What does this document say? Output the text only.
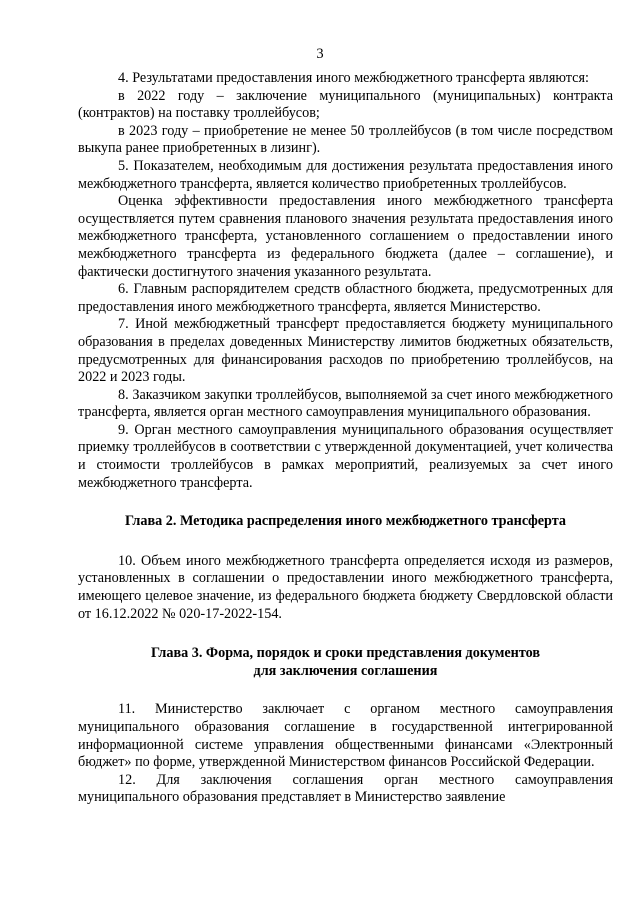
3

4. Результатами предоставления иного межбюджетного трансферта являются:

в 2022 году – заключение муниципального (муниципальных) контракта (контрактов) на поставку троллейбусов;

в 2023 году – приобретение не менее 50 троллейбусов (в том числе посредством выкупа ранее приобретенных в лизинг).

5. Показателем, необходимым для достижения результата предоставления иного межбюджетного трансферта, является количество приобретенных троллейбусов.

Оценка эффективности предоставления иного межбюджетного трансферта осуществляется путем сравнения планового значения результата предоставления иного межбюджетного трансферта, установленного соглашением о предоставлении иного межбюджетного трансферта из федерального бюджета (далее – соглашение), и фактически достигнутого значения указанного результата.

6. Главным распорядителем средств областного бюджета, предусмотренных для предоставления иного межбюджетного трансферта, является Министерство.

7. Иной межбюджетный трансферт предоставляется бюджету муниципального образования в пределах доведенных Министерству лимитов бюджетных обязательств, предусмотренных для финансирования расходов по приобретению троллейбусов, на 2022 и 2023 годы.

8. Заказчиком закупки троллейбусов, выполняемой за счет иного межбюджетного трансферта, является орган местного самоуправления муниципального образования.

9. Орган местного самоуправления муниципального образования осуществляет приемку троллейбусов в соответствии с утвержденной документацией, учет количества и стоимости троллейбусов в рамках мероприятий, реализуемых за счет иного межбюджетного трансферта.

Глава 2. Методика распределения иного межбюджетного трансферта

10. Объем иного межбюджетного трансферта определяется исходя из размеров, установленных в соглашении о предоставлении иного межбюджетного трансферта, имеющего целевое значение, из федерального бюджета бюджету Свердловской области от 16.12.2022 № 020-17-2022-154.

Глава 3. Форма, порядок и сроки представления документов
для заключения соглашения

11. Министерство заключает с органом местного самоуправления муниципального образования соглашение в государственной интегрированной информационной системе управления общественными финансами «Электронный бюджет» по форме, утвержденной Министерством финансов Российской Федерации.

12. Для заключения соглашения орган местного самоуправления муниципального образования представляет в Министерство заявление
